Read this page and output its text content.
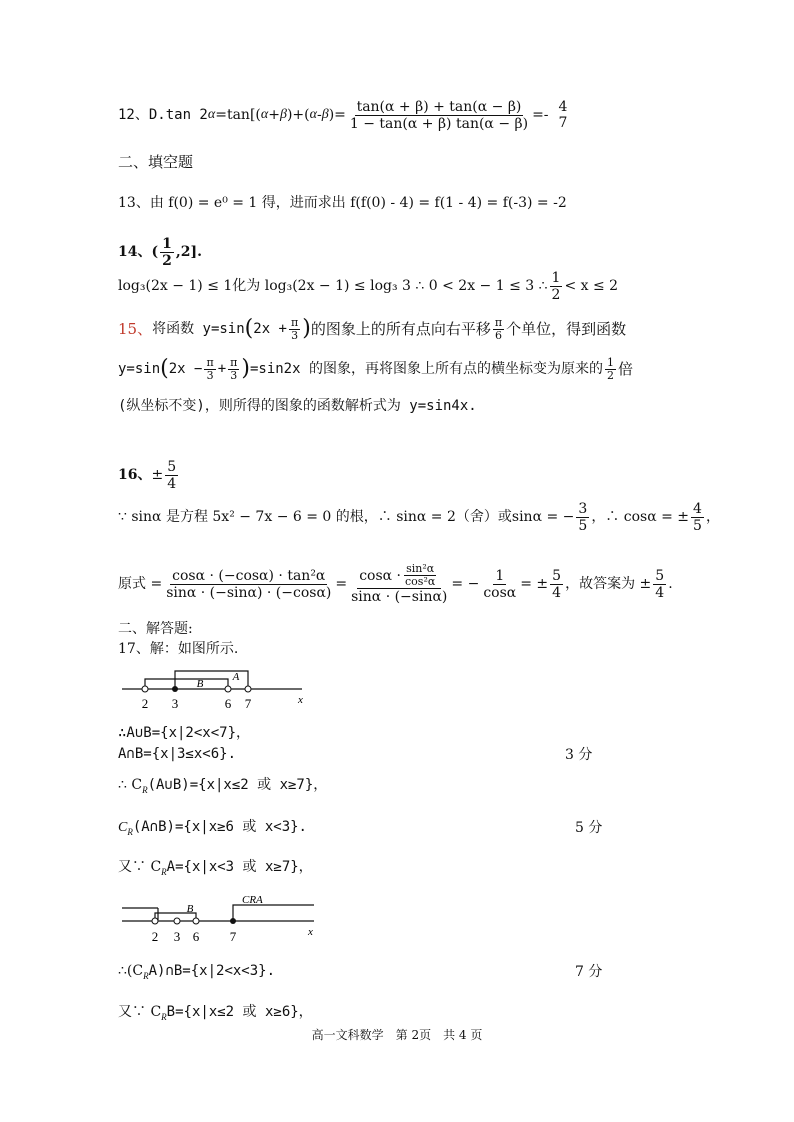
12、D.tan 2 α =tan[( α + β )+( α - β )= $\frac{\tan(\alpha + \beta) + \tan(\alpha - \beta)}{1 - \tan(\alpha + \beta) \tan(\alpha - \beta)} =- 4$
7
二、填空题
13、由 f(0) = e⁰ = 1 得，进而求出 f(f(0) - 4) = f(1 - 4) = f(-3) = -2
14、 ( $\frac{1}{2} ,2$].
log₃(2x − 1) ≤ 1化为 log₃(2x − 1) ≤ log₃ 3 ∴ 0 < 2x − 1 ≤ 3 ∴ $\frac{1}{2} < x \le 2$
15、 将函数 y=sin ( $2x + \frac{\pi}{3}$ ) 的图象上的所有点向右平移 $\frac{\pi}{6}$ 个单位，得到函数
y=sin ( $2x - \frac{\pi}{3} + \frac{\pi}{3}$ ) =sin2x 的图象，再将图象上所有点的横坐标变为原来的 $\frac{1}{2}$ 倍
(纵坐标不变)，则所得的图象的函数解析式为 y=sin4x.
16、 ± $\frac{5}{4}$
∵ sinα 是方程 5x² − 7x − 6 = 0 的根，∴ sinα = 2（舍）或sinα = − $\frac{3}{5}$ ，∴ cosα = ± $\frac{4}{5}$ ，
原式 = $\frac{\text{cosα · (−cosα) · tan²α}}{\sin\alpha \cdot (-\sin\alpha) \cdot (-\cos\alpha)} = \frac{\cos\alpha \cdot \frac{\text{sin²α}}{\text{cos²α}}}{\sin\alpha \cdot (-\sin\alpha)}$ = − $\frac{1}{\cos\alpha}$ = ± $\frac{5}{4}$ ，故答案为 ± $\frac{5}{4}$ .
二、解答题:
17、解：如图所示.
B
A
x
2 3	6 7
∴A∪B={x|2<x<7}，
A∩B={x|3≤x<6}.	3 分
∴ $C_R(A\cup B)=\{x|x\le 2$ 或 x≥7}，
$C_R(A\cap B)=\{x|x\ge 6$ 或 x<3}.	5 分
又∵ $C_RA=\{x|x<3$ 或 x≥7}，
B
CRA
x
2 3 6 7
$\therefore(C_RA)\cap B=\{x|2<x<3\}$.	7 分
又∵ $C_RB=\{x|x\le 2$ 或 x≥6}，
高一文科数学　第 2页　共 4 页
